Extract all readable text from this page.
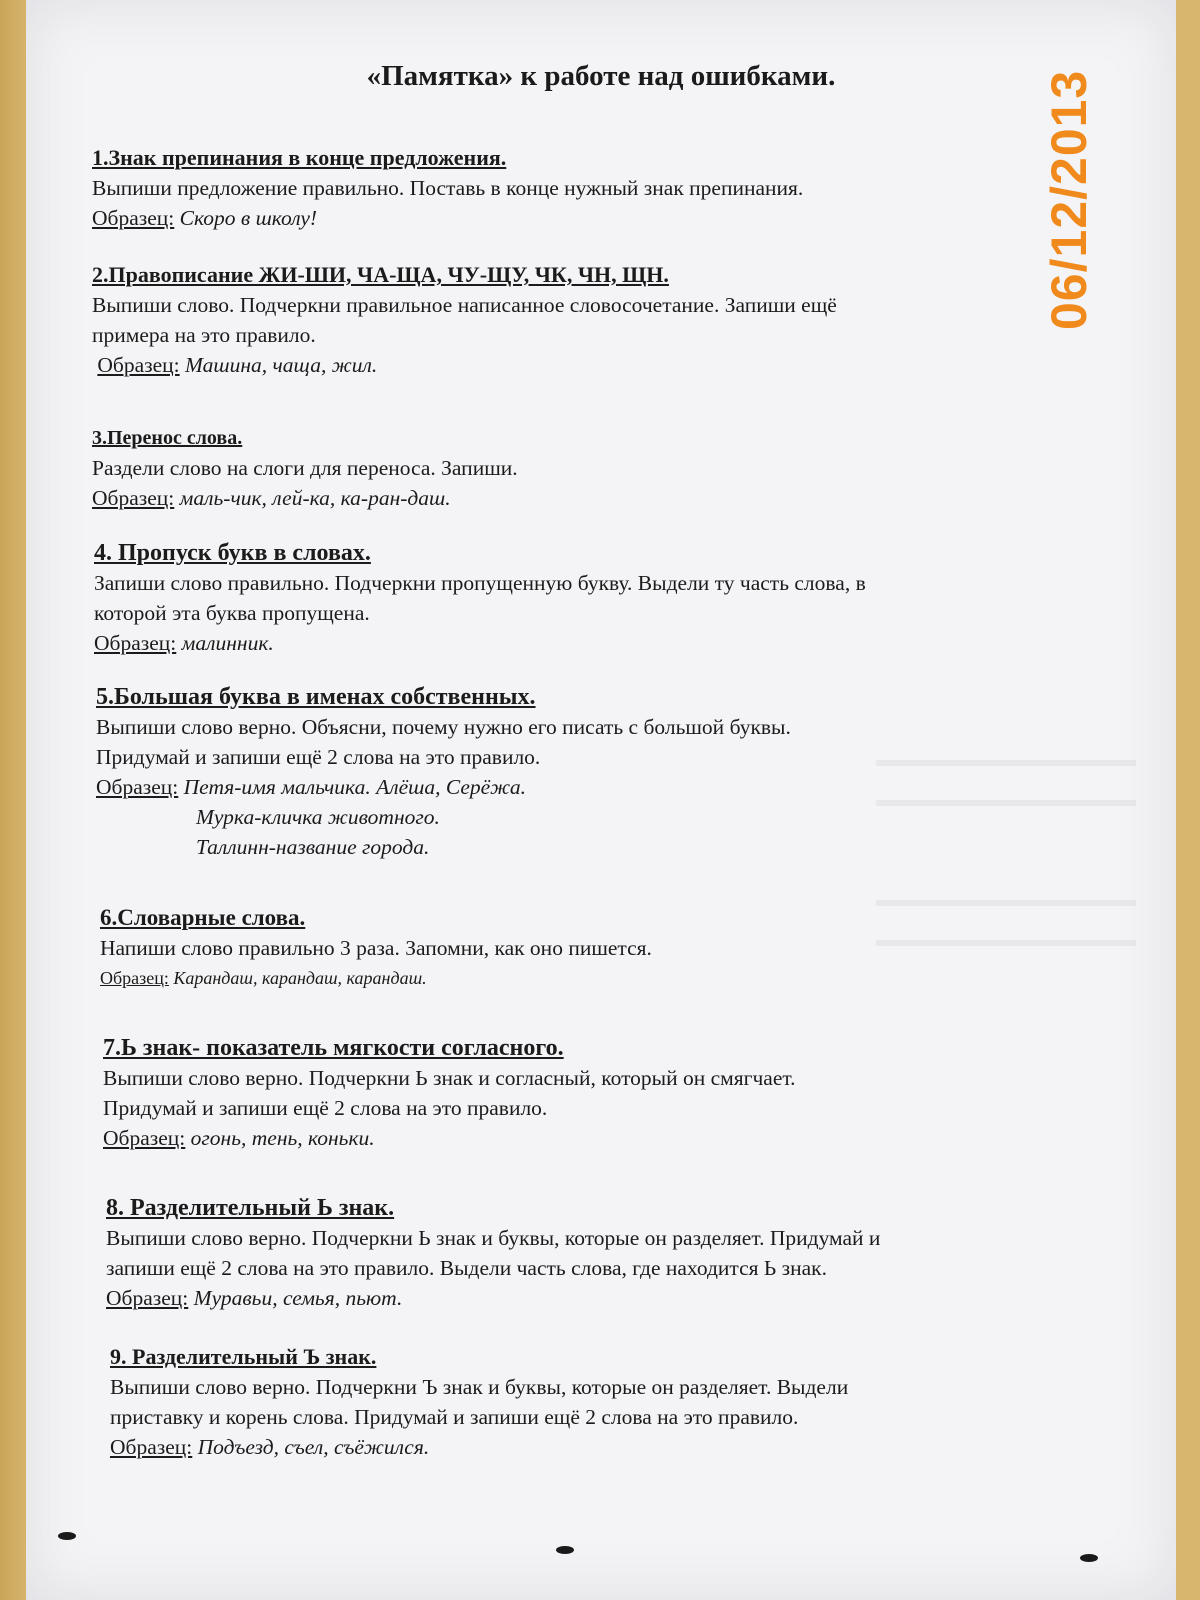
«Памятка» к работе над ошибками.
1.Знак препинания в конце предложения.
Выпиши предложение правильно. Поставь в конце нужный знак препинания.
Образец: Скоро в школу!
2.Правописание ЖИ-ШИ, ЧА-ЩА, ЧУ-ЩУ, ЧК, ЧН, ЩН.
Выпиши слово. Подчеркни правильное написанное словосочетание. Запиши ещё
примера на это правило.
Образец: Машина, чаща, жил.
3.Перенос слова.
Раздели слово на слоги для переноса. Запиши.
Образец: маль-чик, лей-ка, ка-ран-даш.
4. Пропуск букв в словах.
Запиши слово правильно. Подчеркни пропущенную букву. Выдели ту часть слова, в
которой эта буква пропущена.
Образец: малинник.
5.Большая буква в именах собственных.
Выпиши слово верно. Объясни, почему нужно его писать с большой буквы.
Придумай и запиши ещё 2 слова на это правило.
Образец: Петя-имя мальчика. Алёша, Серёжа.
Мурка-кличка животного.
Таллинн-название города.
6.Словарные слова.
Напиши слово правильно 3 раза. Запомни, как оно пишется.
Образец: Карандаш, карандаш, карандаш.
7.Ь знак- показатель мягкости согласного.
Выпиши слово верно. Подчеркни Ь знак и согласный, который он смягчает.
Придумай и запиши ещё 2 слова на это правило.
Образец: огонь, тень, коньки.
8. Разделительный Ь знак.
Выпиши слово верно. Подчеркни Ь знак и буквы, которые он разделяет. Придумай и
запиши ещё 2 слова на это правило. Выдели часть слова, где находится Ь знак.
Образец: Муравьи, семья, пьют.
9. Разделительный Ъ знак.
Выпиши слово верно. Подчеркни Ъ знак и буквы, которые он разделяет. Выдели
приставку и корень слова. Придумай и запиши ещё 2 слова на это правило.
Образец: Подъезд, съел, съёжился.
06/12/2013
